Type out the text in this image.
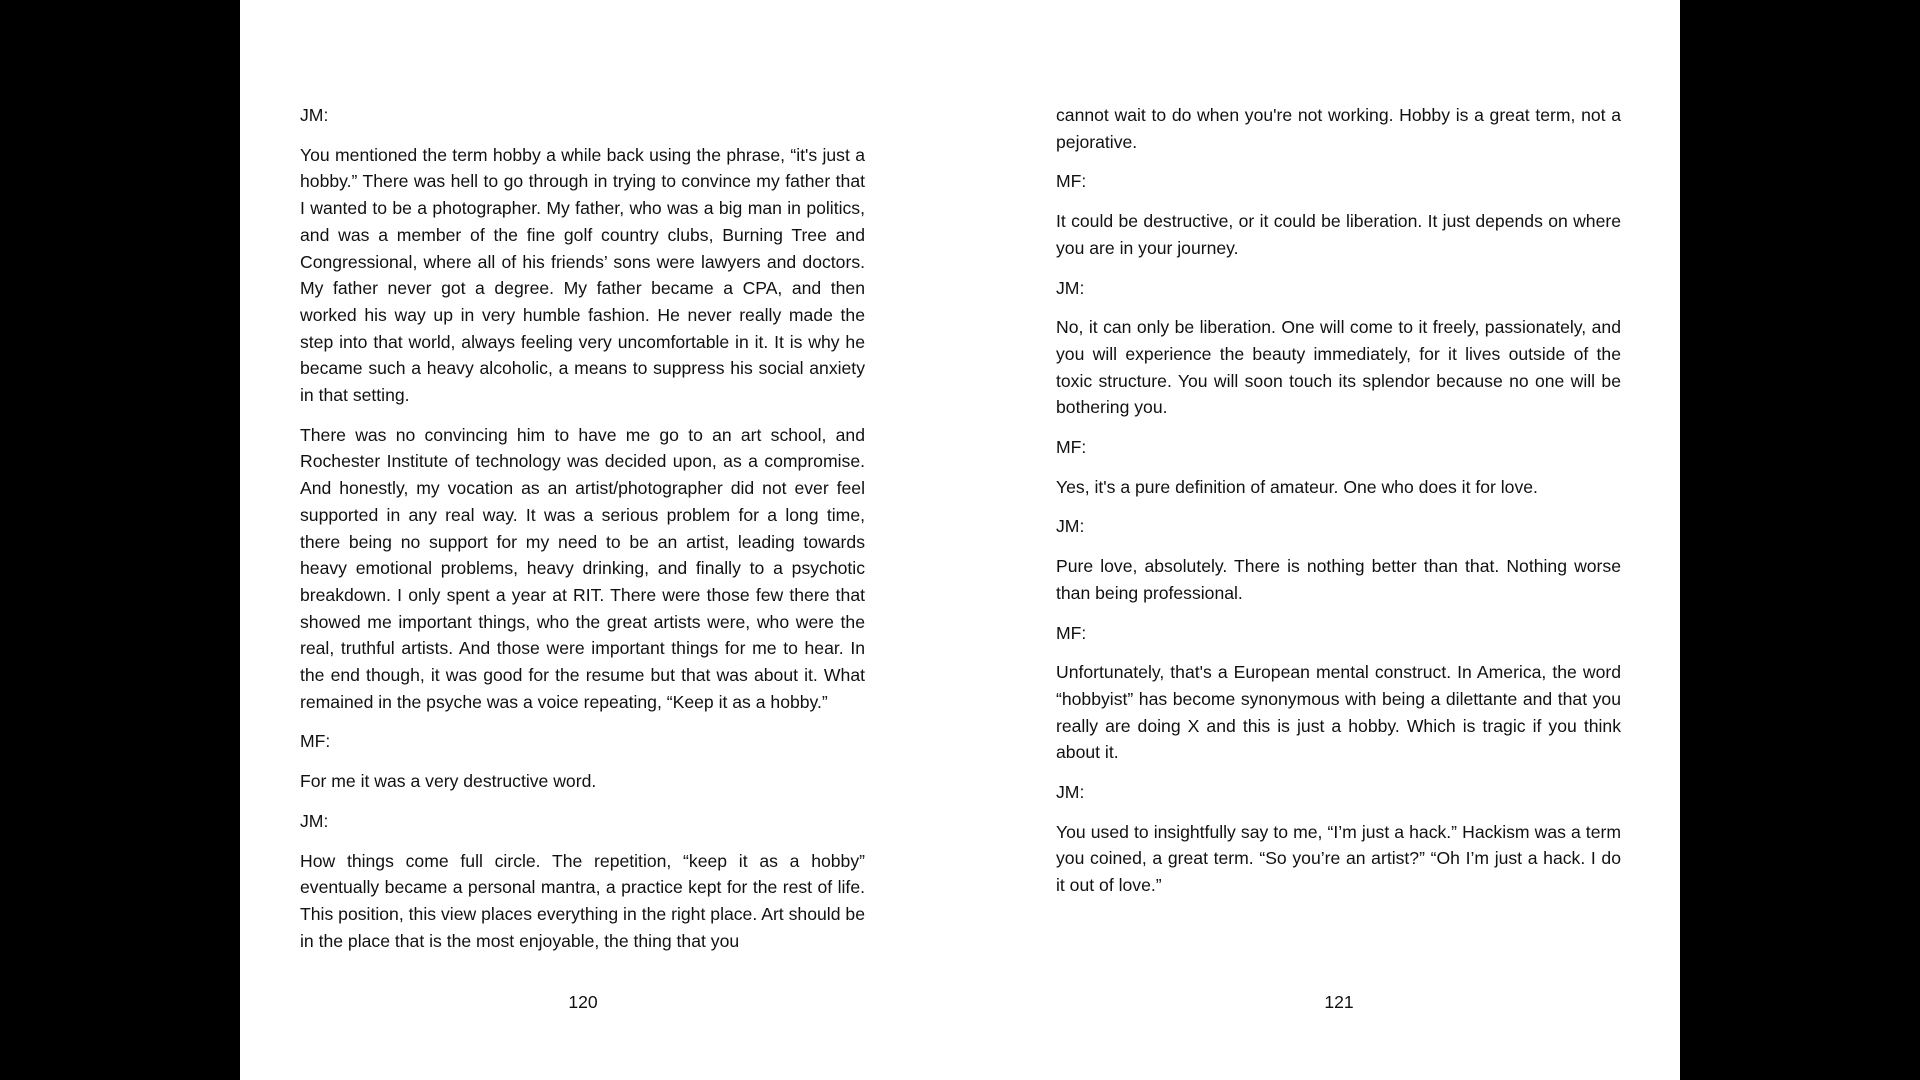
JM:

You mentioned the term hobby a while back using the phrase, “it's just a hobby.” There was hell to go through in trying to convince my father that I wanted to be a photographer. My father, who was a big man in politics, and was a member of the fine golf country clubs, Burning Tree and Congressional, where all of his friends’ sons were lawyers and doctors. My father never got a degree. My father became a CPA, and then worked his way up in very humble fashion. He never really made the step into that world, always feeling very uncomfortable in it. It is why he became such a heavy alcoholic, a means to suppress his social anxiety in that setting.

There was no convincing him to have me go to an art school, and Rochester Institute of technology was decided upon, as a compromise. And honestly, my vocation as an artist/photographer did not ever feel supported in any real way. It was a serious problem for a long time, there being no support for my need to be an artist, leading towards heavy emotional problems, heavy drinking, and finally to a psychotic breakdown. I only spent a year at RIT. There were those few there that showed me important things, who the great artists were, who were the real, truthful artists. And those were important things for me to hear. In the end though, it was good for the resume but that was about it. What remained in the psyche was a voice repeating, “Keep it as a hobby.”

MF:

For me it was a very destructive word.

JM:

How things come full circle. The repetition, “keep it as a hobby” eventually became a personal mantra, a practice kept for the rest of life. This position, this view places everything in the right place. Art should be in the place that is the most enjoyable, the thing that you

120

cannot wait to do when you're not working. Hobby is a great term, not a pejorative.

MF:

It could be destructive, or it could be liberation. It just depends on where you are in your journey.

JM:

No, it can only be liberation. One will come to it freely, passionately, and you will experience the beauty immediately, for it lives outside of the toxic structure. You will soon touch its splendor because no one will be bothering you.

MF:

Yes, it's a pure definition of amateur. One who does it for love.

JM:

Pure love, absolutely. There is nothing better than that. Nothing worse than being professional.

MF:

Unfortunately, that's a European mental construct. In America, the word “hobbyist” has become synonymous with being a dilettante and that you really are doing X and this is just a hobby. Which is tragic if you think about it.

JM:

You used to insightfully say to me, “I’m just a hack.” Hackism was a term you coined, a great term. “So you’re an artist?” “Oh I’m just a hack. I do it out of love.”

121
